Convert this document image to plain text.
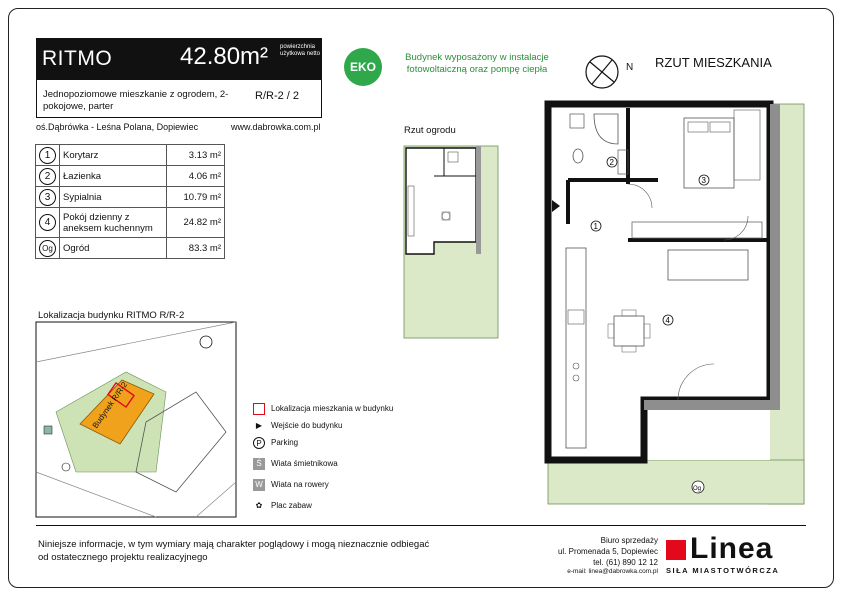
RITMO	42.80m² powierzchnia użytkowa netto
Jednopoziomowe mieszkanie z ogrodem, 2-pokojowe, parter
R/R-2 / 2
oś.Dąbrówka - Leśna Polana, Dopiewiec	www.dabrowka.com.pl
1	Korytarz	3.13 m²
2	Łazienka	4.06 m²
3	Sypialnia	10.79 m²
4	Pokój dzienny z aneksem kuchennym	24.82 m²
Og	Ogród	83.3 m²
EKO
Budynek wyposażony w instalacje fotowoltaiczną oraz pompę ciepła	N RZUT MIESZKANIA
Rzut ogrodu
1
2
3
4
Og
Lokalizacja budynku RITMO R/R-2
Budynek R/R-2	Lokalizacja mieszkania w budynku
▶ Wejście do budynku
P Parking
Ś Wiata śmietnikowa
W Wiata na rowery
✿ Plac zabaw
Niniejsze informacje, w tym wymiary mają charakter poglądowy i mogą nieznacznie odbiegać od ostatecznego projektu realizacyjnego
Biuro sprzedaży
ul. Promenada 5, Dopiewiec
tel. (61) 890 12 12
e-mail: linea@dabrowka.com.pl
Linea
SIŁA MIASTOTWÓRCZA
